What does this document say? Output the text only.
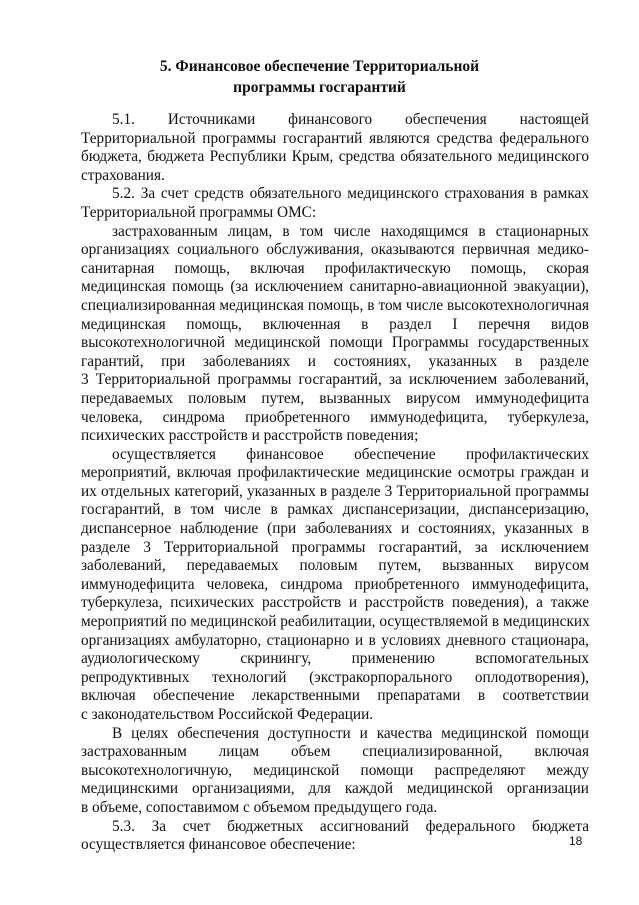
5. Финансовое обеспечение Территориальной
программы госгарантий
5.1. Источниками финансового обеспечения настоящей
Территориальной программы госгарантий являются средства федерального
бюджета, бюджета Республики Крым, средства обязательного медицинского
страхования.
5.2. За счет средств обязательного медицинского страхования в рамках
Территориальной программы ОМС:
застрахованным лицам, в том числе находящимся в стационарных
организациях социального обслуживания, оказываются первичная медико-
санитарная помощь, включая профилактическую помощь, скорая
медицинская помощь (за исключением санитарно-авиационной эвакуации),
специализированная медицинская помощь, в том числе высокотехнологичная
медицинская помощь, включенная в раздел I перечня видов
высокотехнологичной медицинской помощи Программы государственных
гарантий, при заболеваниях и состояниях, указанных в разделе
3 Территориальной программы госгарантий, за исключением заболеваний,
передаваемых половым путем, вызванных вирусом иммунодефицита
человека, синдрома приобретенного иммунодефицита, туберкулеза,
психических расстройств и расстройств поведения;
осуществляется финансовое обеспечение профилактических
мероприятий, включая профилактические медицинские осмотры граждан и
их отдельных категорий, указанных в разделе 3 Территориальной программы
госгарантий, в том числе в рамках диспансеризации, диспансеризацию,
диспансерное наблюдение (при заболеваниях и состояниях, указанных в
разделе 3 Территориальной программы госгарантий, за исключением
заболеваний, передаваемых половым путем, вызванных вирусом
иммунодефицита человека, синдрома приобретенного иммунодефицита,
туберкулеза, психических расстройств и расстройств поведения), а также
мероприятий по медицинской реабилитации, осуществляемой в медицинских
организациях амбулаторно, стационарно и в условиях дневного стационара,
аудиологическому скринингу, применению вспомогательных
репродуктивных технологий (экстракорпорального оплодотворения),
включая обеспечение лекарственными препаратами в соответствии
с законодательством Российской Федерации.
В целях обеспечения доступности и качества медицинской помощи
застрахованным лицам объем специализированной, включая
высокотехнологичную, медицинской помощи распределяют между
медицинскими организациями, для каждой медицинской организации
в объеме, сопоставимом с объемом предыдущего года.
5.3. За счет бюджетных ассигнований федерального бюджета
осуществляется финансовое обеспечение:	18
